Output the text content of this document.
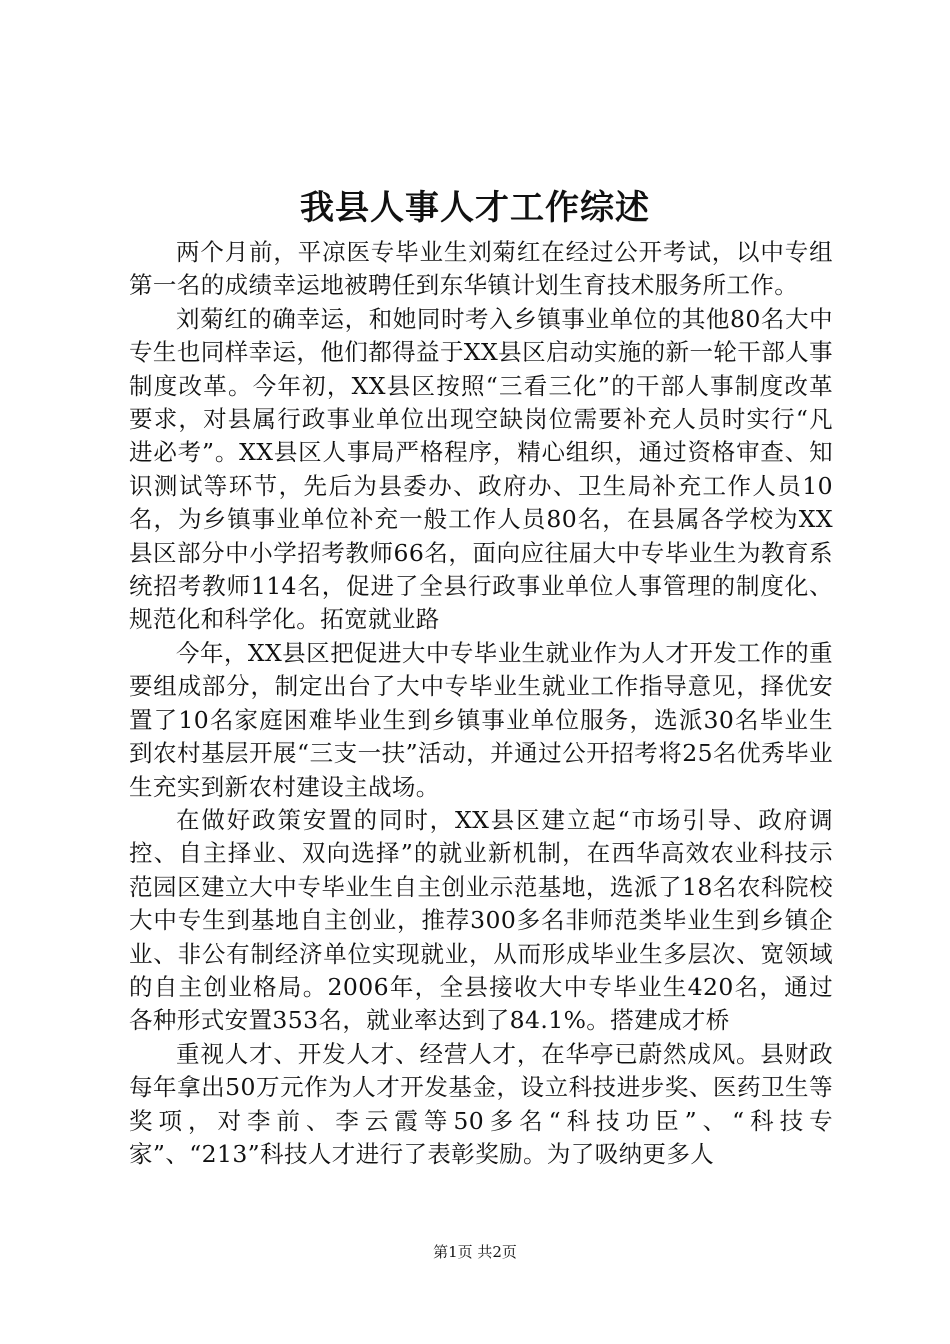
我县人事人才工作综述

两个月前，平凉医专毕业生刘菊红在经过公开考试，以中专组第一名的成绩幸运地被聘任到东华镇计划生育技术服务所工作。

刘菊红的确幸运，和她同时考入乡镇事业单位的其他80名大中专生也同样幸运，他们都得益于XX县区启动实施的新一轮干部人事制度改革。今年初，XX县区按照“三看三化”的干部人事制度改革要求，对县属行政事业单位出现空缺岗位需要补充人员时实行“凡进必考”。XX县区人事局严格程序，精心组织，通过资格审查、知识测试等环节，先后为县委办、政府办、卫生局补充工作人员10名，为乡镇事业单位补充一般工作人员80名，在县属各学校为XX县区部分中小学招考教师66名，面向应往届大中专毕业生为教育系统招考教师114名，促进了全县行政事业单位人事管理的制度化、规范化和科学化。拓宽就业路

今年，XX县区把促进大中专毕业生就业作为人才开发工作的重要组成部分，制定出台了大中专毕业生就业工作指导意见，择优安置了10名家庭困难毕业生到乡镇事业单位服务，选派30名毕业生到农村基层开展“三支一扶”活动，并通过公开招考将25名优秀毕业生充实到新农村建设主战场。

在做好政策安置的同时，XX县区建立起“市场引导、政府调控、自主择业、双向选择”的就业新机制，在西华高效农业科技示范园区建立大中专毕业生自主创业示范基地，选派了18名农科院校大中专生到基地自主创业，推荐300多名非师范类毕业生到乡镇企业、非公有制经济单位实现就业，从而形成毕业生多层次、宽领域的自主创业格局。2006年，全县接收大中专毕业生420名，通过各种形式安置353名，就业率达到了84.1%。搭建成才桥

重视人才、开发人才、经营人才，在华亭已蔚然成风。县财政每年拿出50万元作为人才开发基金，设立科技进步奖、医药卫生等奖项，对李前、李云霞等50多名“科技功臣”、“科技专家”、“213”科技人才进行了表彰奖励。为了吸纳更多人

第1页 共2页
